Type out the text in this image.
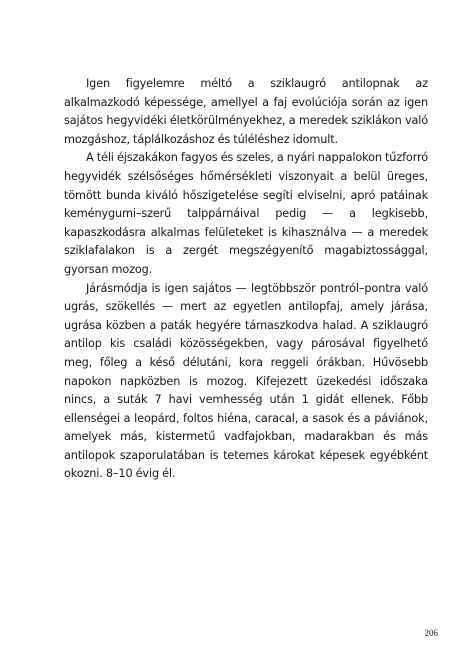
Igen figyelemre méltó a sziklaugró antilopnak az alkalmazkodó képessége, amellyel a faj evolúciója során az igen sajátos hegyvidéki életkörülményekhez, a meredek sziklákon való mozgáshoz, táplálkozáshoz és túléléshez idomult.

A téli éjszakákon fagyos és szeles, a nyári nappalokon tűzforró hegyvidék szélsőséges hőmérsékleti viszonyait a belül üreges, tömött bunda kiváló hőszigetelése segíti elviselni, apró patáinak keménygumi–szerű talppárnáival pedig — a legkisebb, kapaszkodásra alkalmas felületeket is kihasználva — a meredek sziklafalakon is a zergét megszégyenítő magabiztossággal, gyorsan mozog.

Járásmódja is igen sajátos — legtöbbször pontról–pontra való ugrás, szökellés — mert az egyetlen antilopfaj, amely járása, ugrása közben a paták hegyére támaszkodva halad. A sziklaugró antilop kis családi közösségekben, vagy párosával figyelhető meg, főleg a késő délutáni, kora reggeli órákban. Hűvösebb napokon napközben is mozog. Kifejezett üzekedési időszaka nincs, a suták 7 havi vemhesség után 1 gidát ellenek. Főbb ellenségei a leopárd, foltos hiéna, caracal, a sasok és a páviánok, amelyek más, kistermetű vadfajokban, madarakban és más antilopok szaporulatában is tetemes károkat képesek egyébként okozni. 8–10 évig él.

206
